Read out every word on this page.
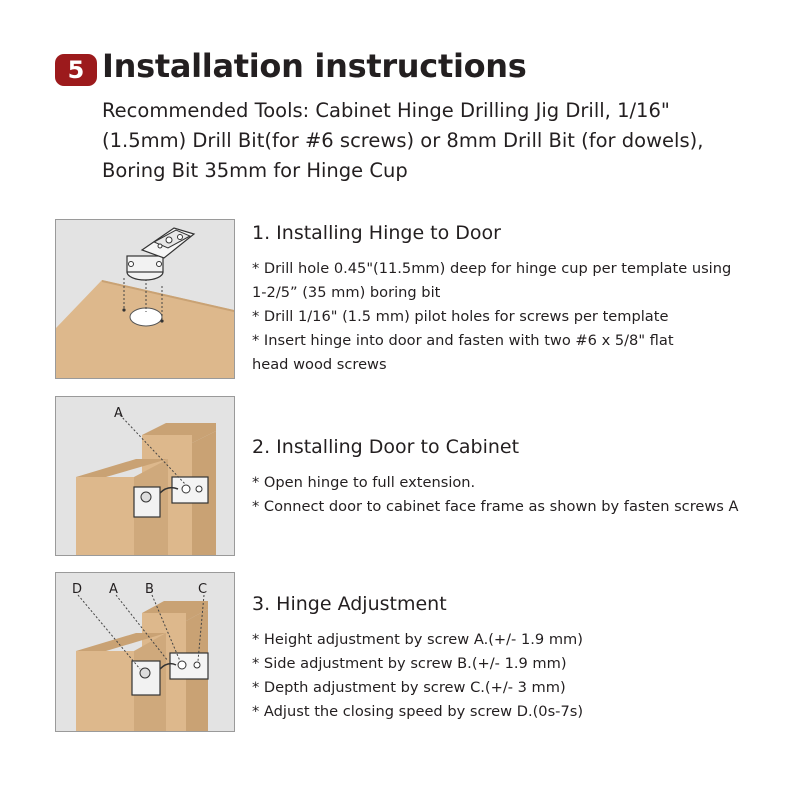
5 Installation instructions
Recommended Tools: Cabinet Hinge Drilling Jig Drill, 1/16"
(1.5mm) Drill Bit(for #6 screws) or 8mm Drill Bit (for dowels),
Boring Bit 35mm for Hinge Cup
A
D A B	C
1. Installing Hinge to Door
* Drill hole 0.45"(11.5mm) deep for hinge cup per template using
1-2/5” (35 mm) boring bit
* Drill 1/16" (1.5 mm) pilot holes for screws per template
* Insert hinge into door and fasten with two #6 x 5/8" flat
head wood screws
2. Installing Door to Cabinet
* Open hinge to full extension.
* Connect door to cabinet face frame as shown by fasten screws A
3. Hinge Adjustment
* Height adjustment by screw A.(+/- 1.9 mm)
* Side adjustment by screw B.(+/- 1.9 mm)
* Depth adjustment by screw C.(+/- 3 mm)
* Adjust the closing speed by screw D.(0s-7s)
